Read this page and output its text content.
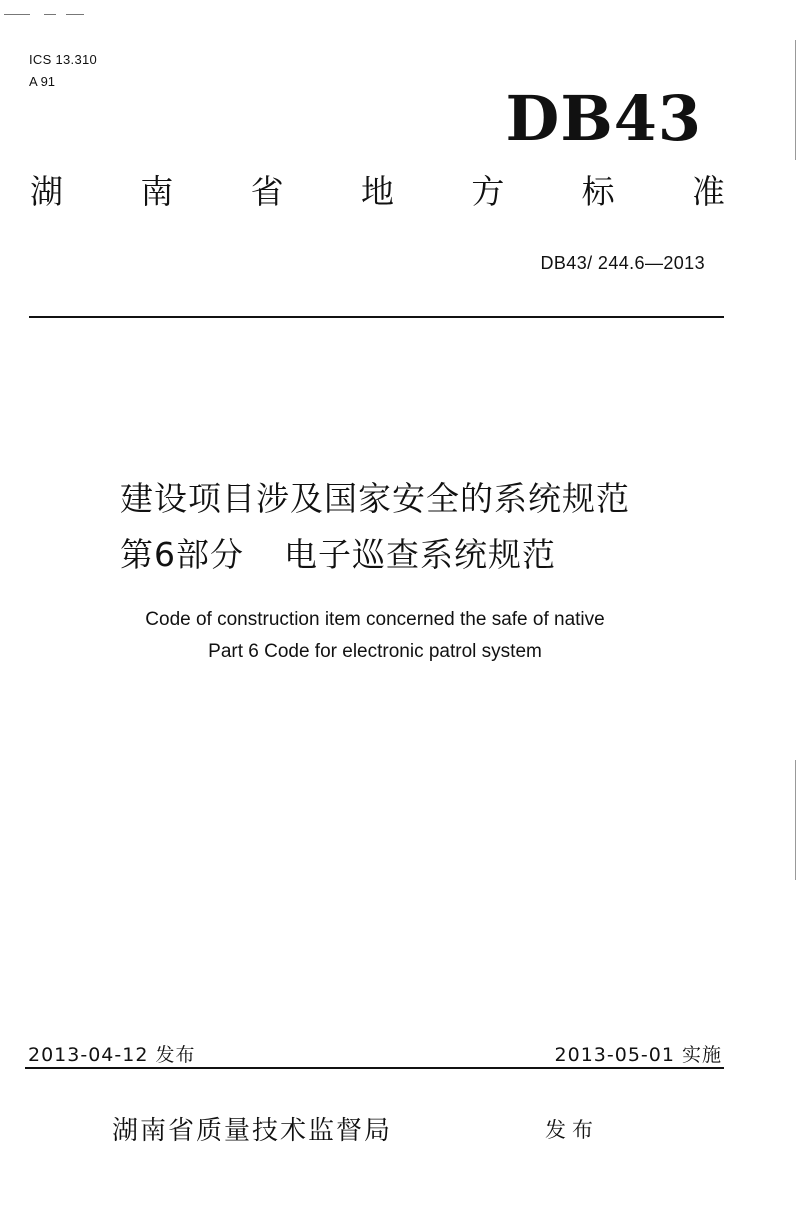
ICS 13.310
A 91
DB43
湖 南 省 地 方 标 准
DB43/ 244.6—2013
建设项目涉及国家安全的系统规范
第6部分 电子巡查系统规范
Code of construction item concerned the safe of native
Part 6 Code for electronic patrol system
2013-04-12 发布	2013-05-01 实施
湖南省质量技术监督局	发布
